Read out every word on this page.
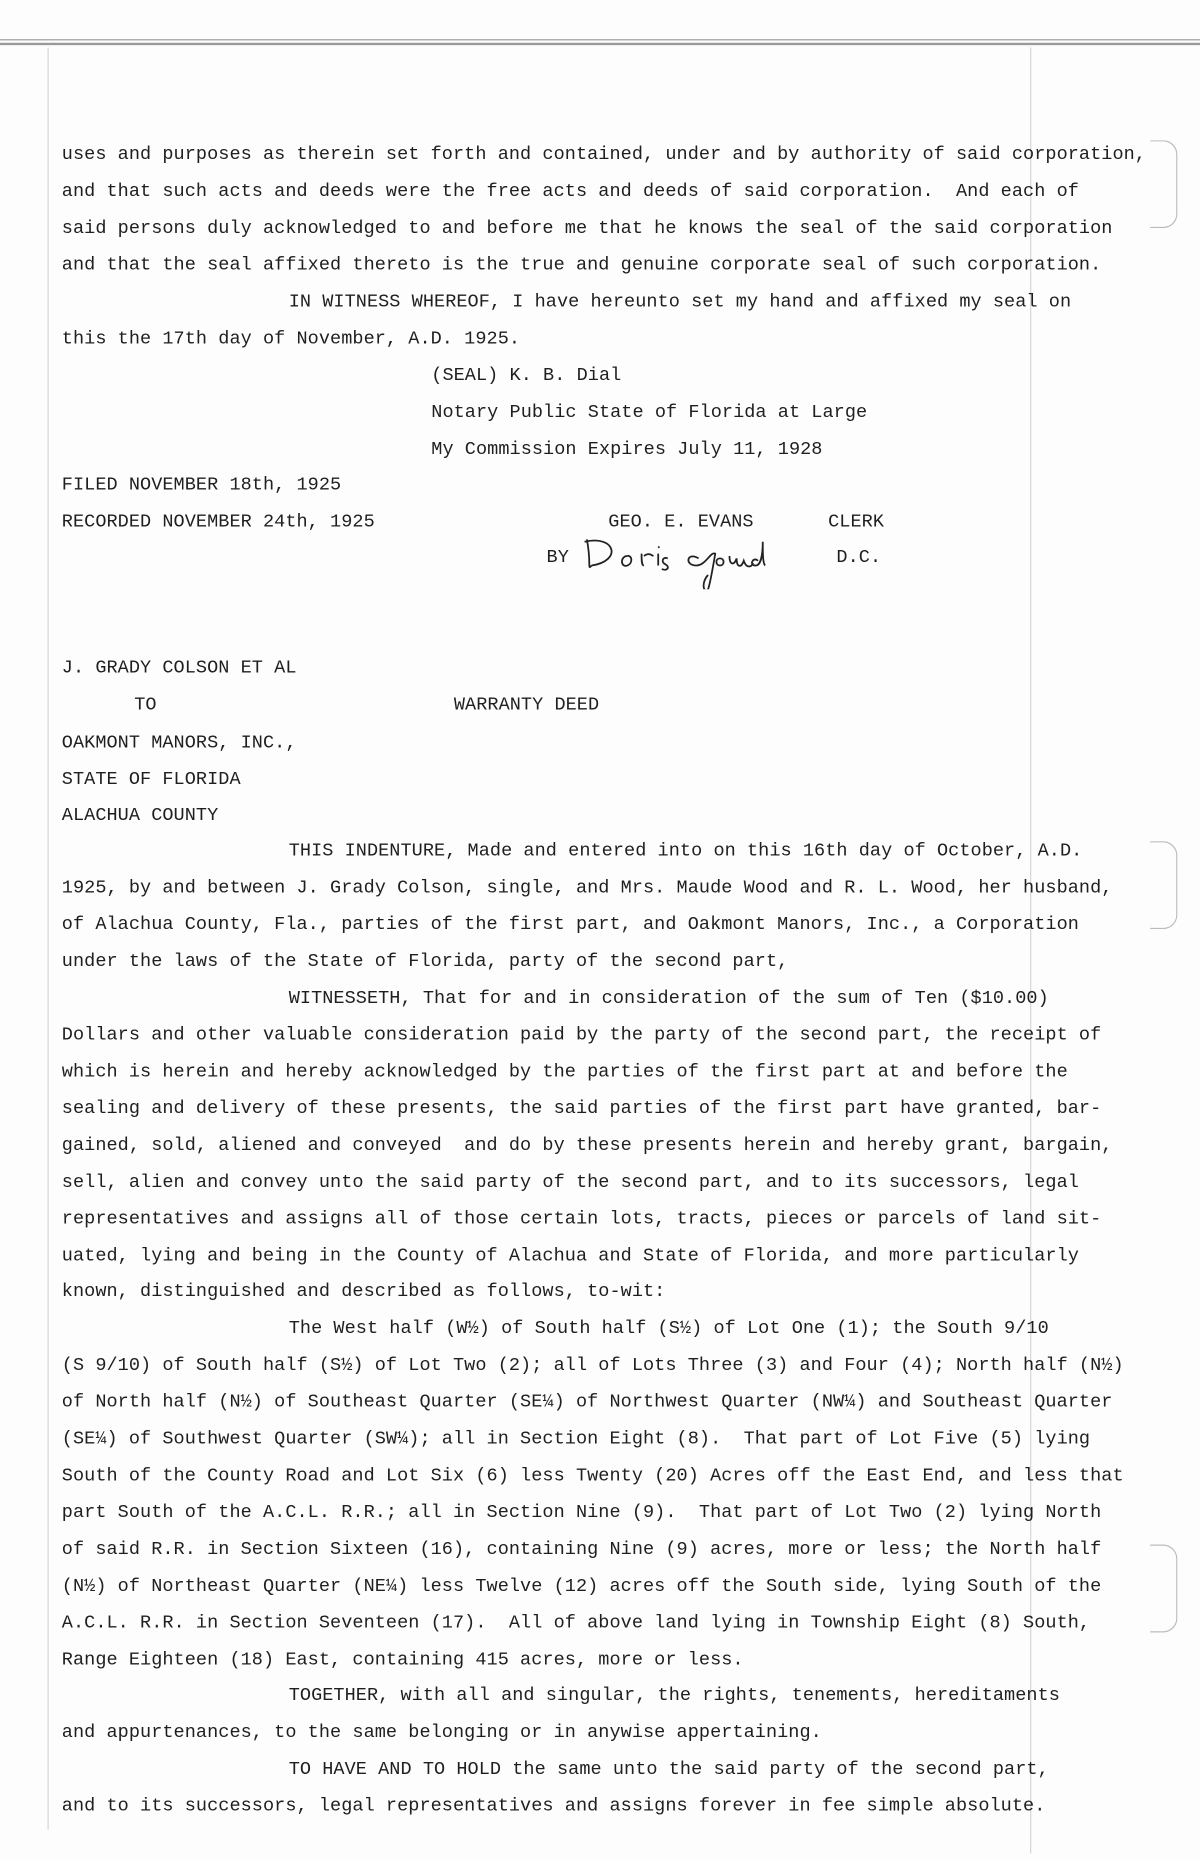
uses and purposes as therein set forth and contained, under and by authority of said corporation,
and that such acts and deeds were the free acts and deeds of said corporation.  And each of
said persons duly acknowledged to and before me that he knows the seal of the said corporation
and that the seal affixed thereto is the true and genuine corporate seal of such corporation.
IN WITNESS WHEREOF, I have hereunto set my hand and affixed my seal on
this the 17th day of November, A.D. 1925.
(SEAL) K. B. Dial
Notary Public State of Florida at Large
My Commission Expires July 11, 1928
FILED NOVEMBER 18th, 1925
RECORDED NOVEMBER 24th, 1925	GEO. E. EVANS	CLERK
BY	D.C.
J. GRADY COLSON ET AL
TO	WARRANTY DEED
OAKMONT MANORS, INC.,
STATE OF FLORIDA
ALACHUA COUNTY
THIS INDENTURE, Made and entered into on this 16th day of October, A.D.
1925, by and between J. Grady Colson, single, and Mrs. Maude Wood and R. L. Wood, her husband,
of Alachua County, Fla., parties of the first part, and Oakmont Manors, Inc., a Corporation
under the laws of the State of Florida, party of the second part,
WITNESSETH, That for and in consideration of the sum of Ten ($10.00)
Dollars and other valuable consideration paid by the party of the second part, the receipt of
which is herein and hereby acknowledged by the parties of the first part at and before the
sealing and delivery of these presents, the said parties of the first part have granted, bar-
gained, sold, aliened and conveyed  and do by these presents herein and hereby grant, bargain,
sell, alien and convey unto the said party of the second part, and to its successors, legal
representatives and assigns all of those certain lots, tracts, pieces or parcels of land sit-
uated, lying and being in the County of Alachua and State of Florida, and more particularly
known, distinguished and described as follows, to-wit:
The West half (W½) of South half (S½) of Lot One (1); the South 9/10
(S 9/10) of South half (S½) of Lot Two (2); all of Lots Three (3) and Four (4); North half (N½)
of North half (N½) of Southeast Quarter (SE¼) of Northwest Quarter (NW¼) and Southeast Quarter
(SE¼) of Southwest Quarter (SW¼); all in Section Eight (8).  That part of Lot Five (5) lying
South of the County Road and Lot Six (6) less Twenty (20) Acres off the East End, and less that
part South of the A.C.L. R.R.; all in Section Nine (9).  That part of Lot Two (2) lying North
of said R.R. in Section Sixteen (16), containing Nine (9) acres, more or less; the North half
(N½) of Northeast Quarter (NE¼) less Twelve (12) acres off the South side, lying South of the
A.C.L. R.R. in Section Seventeen (17).  All of above land lying in Township Eight (8) South,
Range Eighteen (18) East, containing 415 acres, more or less.
TOGETHER, with all and singular, the rights, tenements, hereditaments
and appurtenances, to the same belonging or in anywise appertaining.
TO HAVE AND TO HOLD the same unto the said party of the second part,
and to its successors, legal representatives and assigns forever in fee simple absolute.
